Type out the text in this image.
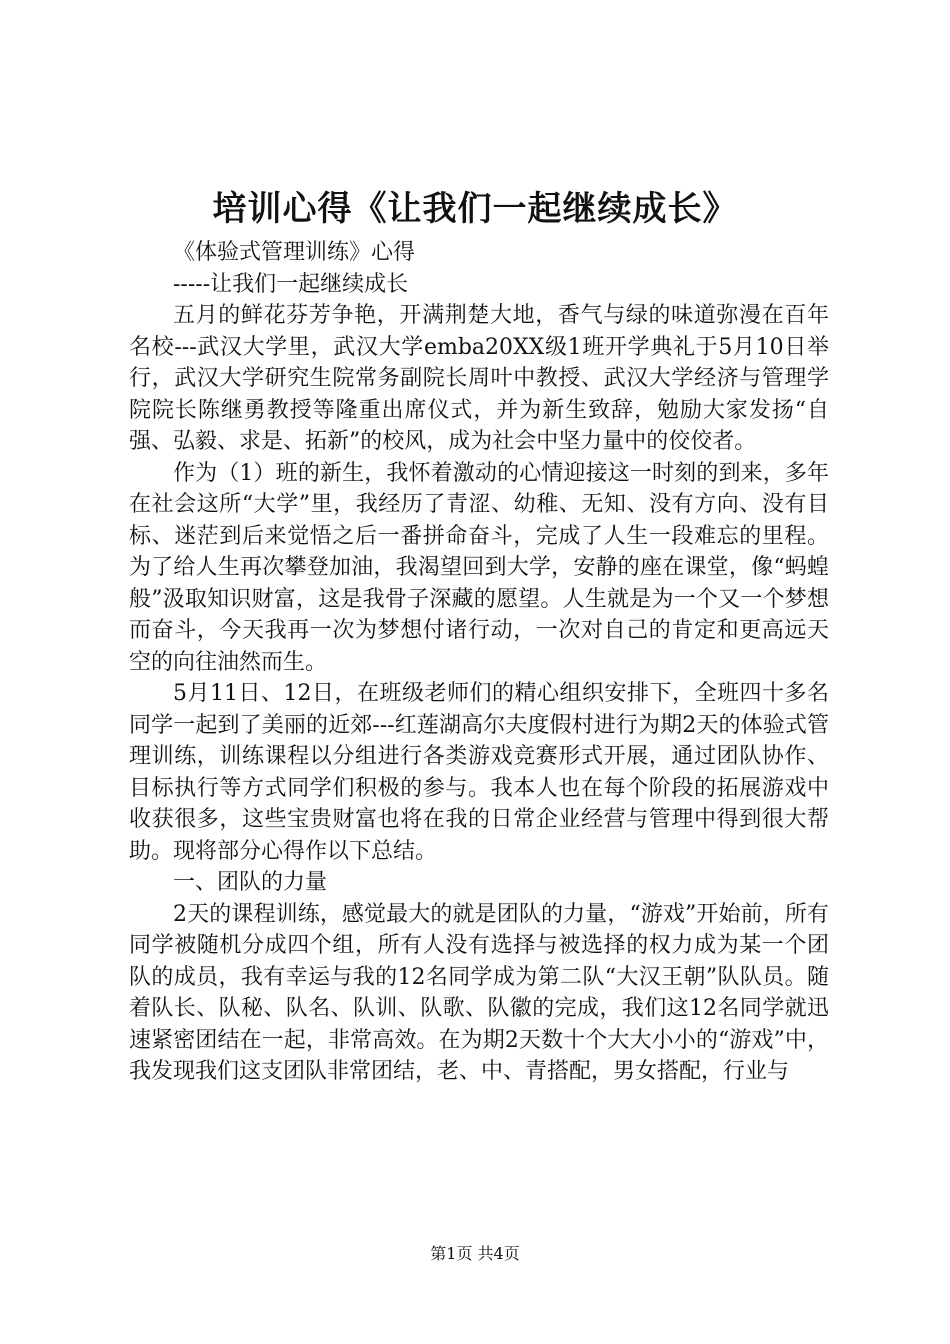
培训心得《让我们一起继续成长》

《体验式管理训练》心得

-----让我们一起继续成长

五月的鲜花芬芳争艳，开满荆楚大地，香气与绿的味道弥漫在百年名校---武汉大学里，武汉大学emba20XX级1班开学典礼于5月10日举行，武汉大学研究生院常务副院长周叶中教授、武汉大学经济与管理学院院长陈继勇教授等隆重出席仪式，并为新生致辞，勉励大家发扬“自强、弘毅、求是、拓新”的校风，成为社会中坚力量中的佼佼者。

作为（1）班的新生，我怀着激动的心情迎接这一时刻的到来，多年在社会这所“大学”里，我经历了青涩、幼稚、无知、没有方向、没有目标、迷茫到后来觉悟之后一番拼命奋斗，完成了人生一段难忘的里程。为了给人生再次攀登加油，我渴望回到大学，安静的座在课堂，像“蚂蝗般”汲取知识财富，这是我骨子深藏的愿望。人生就是为一个又一个梦想而奋斗，今天我再一次为梦想付诸行动，一次对自己的肯定和更高远天空的向往油然而生。

5月11日、12日，在班级老师们的精心组织安排下，全班四十多名同学一起到了美丽的近郊---红莲湖高尔夫度假村进行为期2天的体验式管理训练，训练课程以分组进行各类游戏竞赛形式开展，通过团队协作、目标执行等方式同学们积极的参与。我本人也在每个阶段的拓展游戏中收获很多，这些宝贵财富也将在我的日常企业经营与管理中得到很大帮助。现将部分心得作以下总结。

一、团队的力量

2天的课程训练，感觉最大的就是团队的力量，“游戏”开始前，所有同学被随机分成四个组，所有人没有选择与被选择的权力成为某一个团队的成员，我有幸运与我的12名同学成为第二队“大汉王朝”队队员。随着队长、队秘、队名、队训、队歌、队徽的完成，我们这12名同学就迅速紧密团结在一起，非常高效。在为期2天数十个大大小小的“游戏”中，我发现我们这支团队非常团结，老、中、青搭配，男女搭配，行业与

第1页 共4页
